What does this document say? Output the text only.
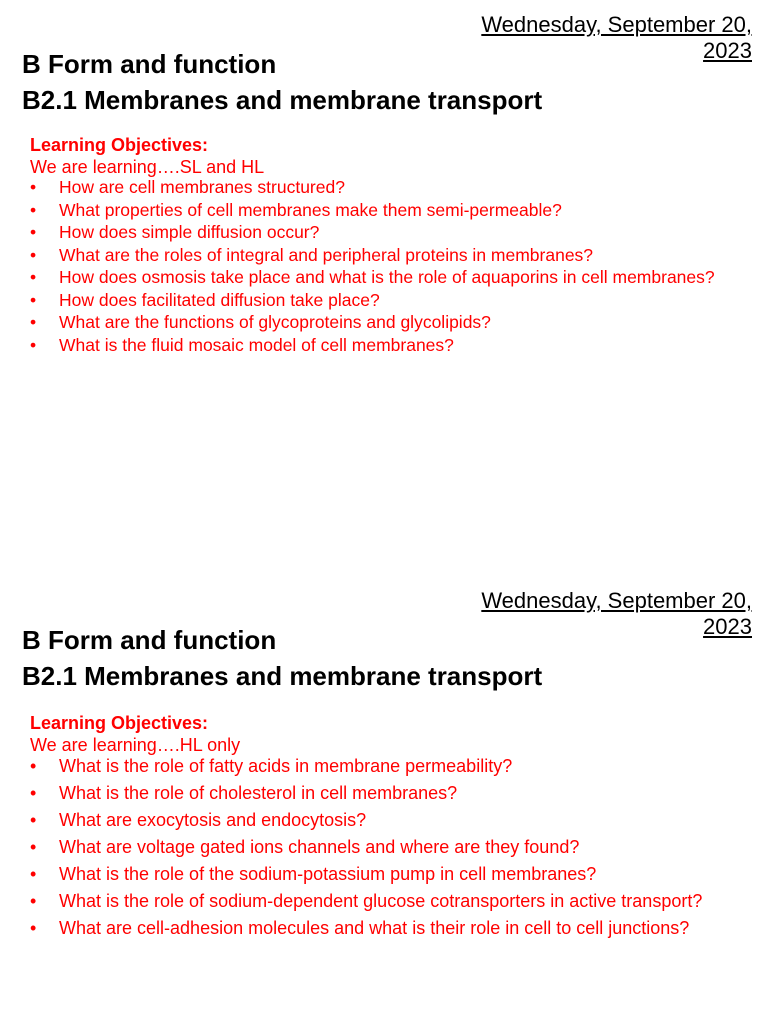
Wednesday, September 20, 2023
B Form and function
B2.1 Membranes and membrane transport
Learning Objectives:
We are learning….SL and HL
• How are cell membranes structured?
• What properties of cell membranes make them semi-permeable?
• How does simple diffusion occur?
• What are the roles of integral and peripheral proteins in membranes?
• How does osmosis take place and what is the role of aquaporins in cell membranes?
• How does facilitated diffusion take place?
• What are the functions of glycoproteins and glycolipids?
• What is the fluid mosaic model of cell membranes?
Wednesday, September 20, 2023
B Form and function
B2.1 Membranes and membrane transport
Learning Objectives:
We are learning….HL only
• What is the role of fatty acids in membrane permeability?
• What is the role of cholesterol in cell membranes?
• What are exocytosis and endocytosis?
• What are voltage gated ions channels and where are they found?
• What is the role of the sodium-potassium pump in cell membranes?
• What is the role of sodium-dependent glucose cotransporters in active transport?
• What are cell-adhesion molecules and what is their role in cell to cell junctions?
